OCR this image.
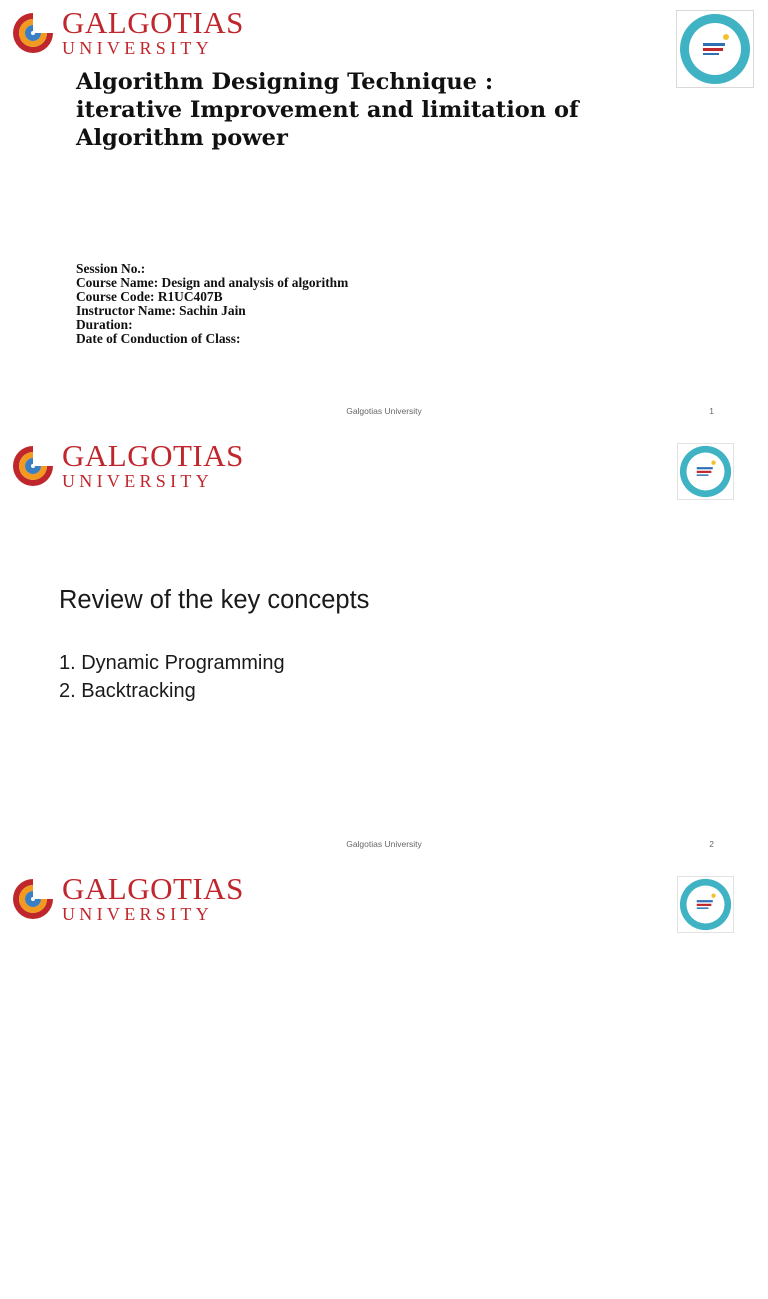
GALGOTIAS
UNIVERSITY
Algorithm Designing Technique : iterative Improvement and limitation of Algorithm power
Session No.:
Course Name: Design and analysis of algorithm
Course Code: R1UC407B
Instructor Name: Sachin Jain
Duration:
Date of Conduction of Class:
Galgotias University	1
GALGOTIAS
UNIVERSITY
Review of the key concepts
1. Dynamic Programming
2. Backtracking
Galgotias University	2
GALGOTIAS
UNIVERSITY
